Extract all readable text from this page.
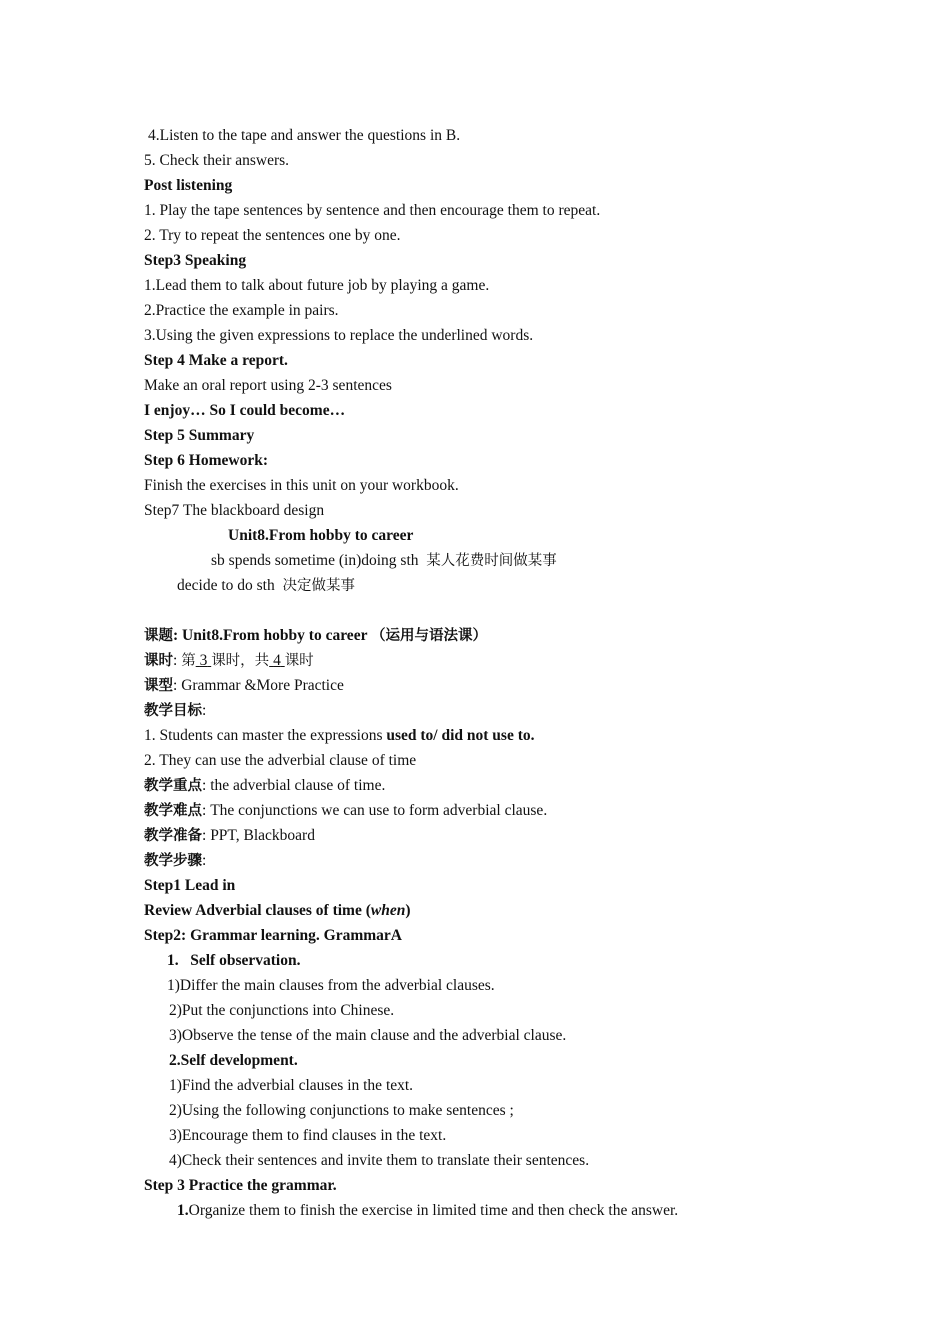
4.Listen to the tape and answer the questions in B.
5. Check their answers.
Post listening
1. Play the tape sentences by sentence and then encourage them to repeat.
2. Try to repeat the sentences one by one.
Step3 Speaking
1.Lead them to talk about future job by playing a game.
2.Practice the example in pairs.
3.Using the given expressions to replace the underlined words.
Step 4 Make a report.
Make an oral report using 2-3 sentences
I enjoy… So I could become…
Step 5 Summary
Step 6 Homework:
Finish the exercises in this unit on your workbook.
Step7 The blackboard design
Unit8.From hobby to career
sb spends sometime (in)doing sth 某人花费时间做某事
decide to do sth 决定做某事
课题: Unit8.From hobby to career （运用与语法课）
课时: 第 3 课时，共 4 课时
课型: Grammar &More Practice
教学目标:
1. Students can master the expressions used to/ did not use to.
2. They can use the adverbial clause of time
教学重点: the adverbial clause of time.
教学难点: The conjunctions we can use to form adverbial clause.
教学准备: PPT, Blackboard
教学步骤:
Step1 Lead in
Review Adverbial clauses of time (when)
Step2: Grammar learning. GrammarA
1. Self observation.
1)Differ the main clauses from the adverbial clauses.
2)Put the conjunctions into Chinese.
3)Observe the tense of the main clause and the adverbial clause.
2.Self development.
1)Find the adverbial clauses in the text.
2)Using the following conjunctions to make sentences ;
3)Encourage them to find clauses in the text.
4)Check their sentences and invite them to translate their sentences.
Step 3 Practice the grammar.
1.Organize them to finish the exercise in limited time and then check the answer.
